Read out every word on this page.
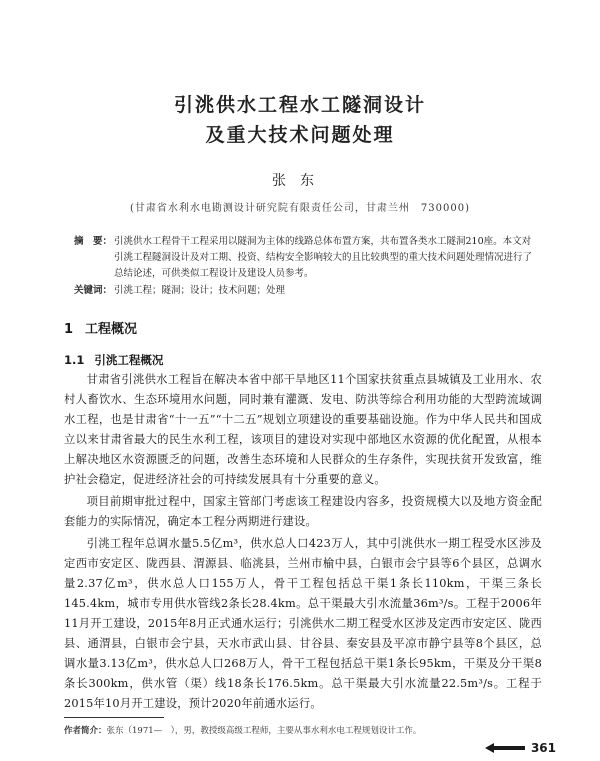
引洮供水工程水工隧洞设计
及重大技术问题处理
张东
(甘肃省水利水电勘测设计研究院有限责任公司，甘肃兰州　730000)
摘　要： 引洮供水工程骨干工程采用以隧洞为主体的线路总体布置方案，共布置各类水工隧洞210座。本文对引洮工程隧洞设计及对工期、投资、结构安全影响较大的且比较典型的重大技术问题处理情况进行了总结论述，可供类似工程设计及建设人员参考。
关键词： 引洮工程；隧洞；设计；技术问题；处理
1 工程概况
1.1 引洮工程概况

甘肃省引洮供水工程旨在解决本省中部干旱地区11个国家扶贫重点县城镇及工业用水、农村人畜饮水、生态环境用水问题，同时兼有灌溉、发电、防洪等综合利用功能的大型跨流域调水工程，也是甘肃省“十一五”“十二五”规划立项建设的重要基础设施。作为中华人民共和国成立以来甘肃省最大的民生水利工程，该项目的建设对实现中部地区水资源的优化配置，从根本上解决地区水资源匮乏的问题，改善生态环境和人民群众的生存条件，实现扶贫开发致富，维护社会稳定，促进经济社会的可持续发展具有十分重要的意义。

项目前期审批过程中，国家主管部门考虑该工程建设内容多，投资规模大以及地方资金配套能力的实际情况，确定本工程分两期进行建设。

引洮工程年总调水量5.5亿m³，供水总人口423万人，其中引洮供水一期工程受水区涉及定西市安定区、陇西县、渭源县、临洮县，兰州市榆中县，白银市会宁县等6个县区，总调水量2.37亿m³，供水总人口155万人，骨干工程包括总干渠1条长110km，干渠三条长145.4km，城市专用供水管线2条长28.4km。总干渠最大引水流量36m³/s。工程于2006年11月开工建设，2015年8月正式通水运行；引洮供水二期工程受水区涉及定西市安定区、陇西县、通渭县，白银市会宁县，天水市武山县、甘谷县、秦安县及平凉市静宁县等8个县区，总调水量3.13亿m³，供水总人口268万人，骨干工程包括总干渠1条长95km，干渠及分干渠8条长300km，供水管（渠）线18条长176.5km。总干渠最大引水流量22.5m³/s。工程于2015年10月开工建设，预计2020年前通水运行。

作者简介：张东（1971—　），男，教授级高级工程师，主要从事水利水电工程规划设计工作。
361
